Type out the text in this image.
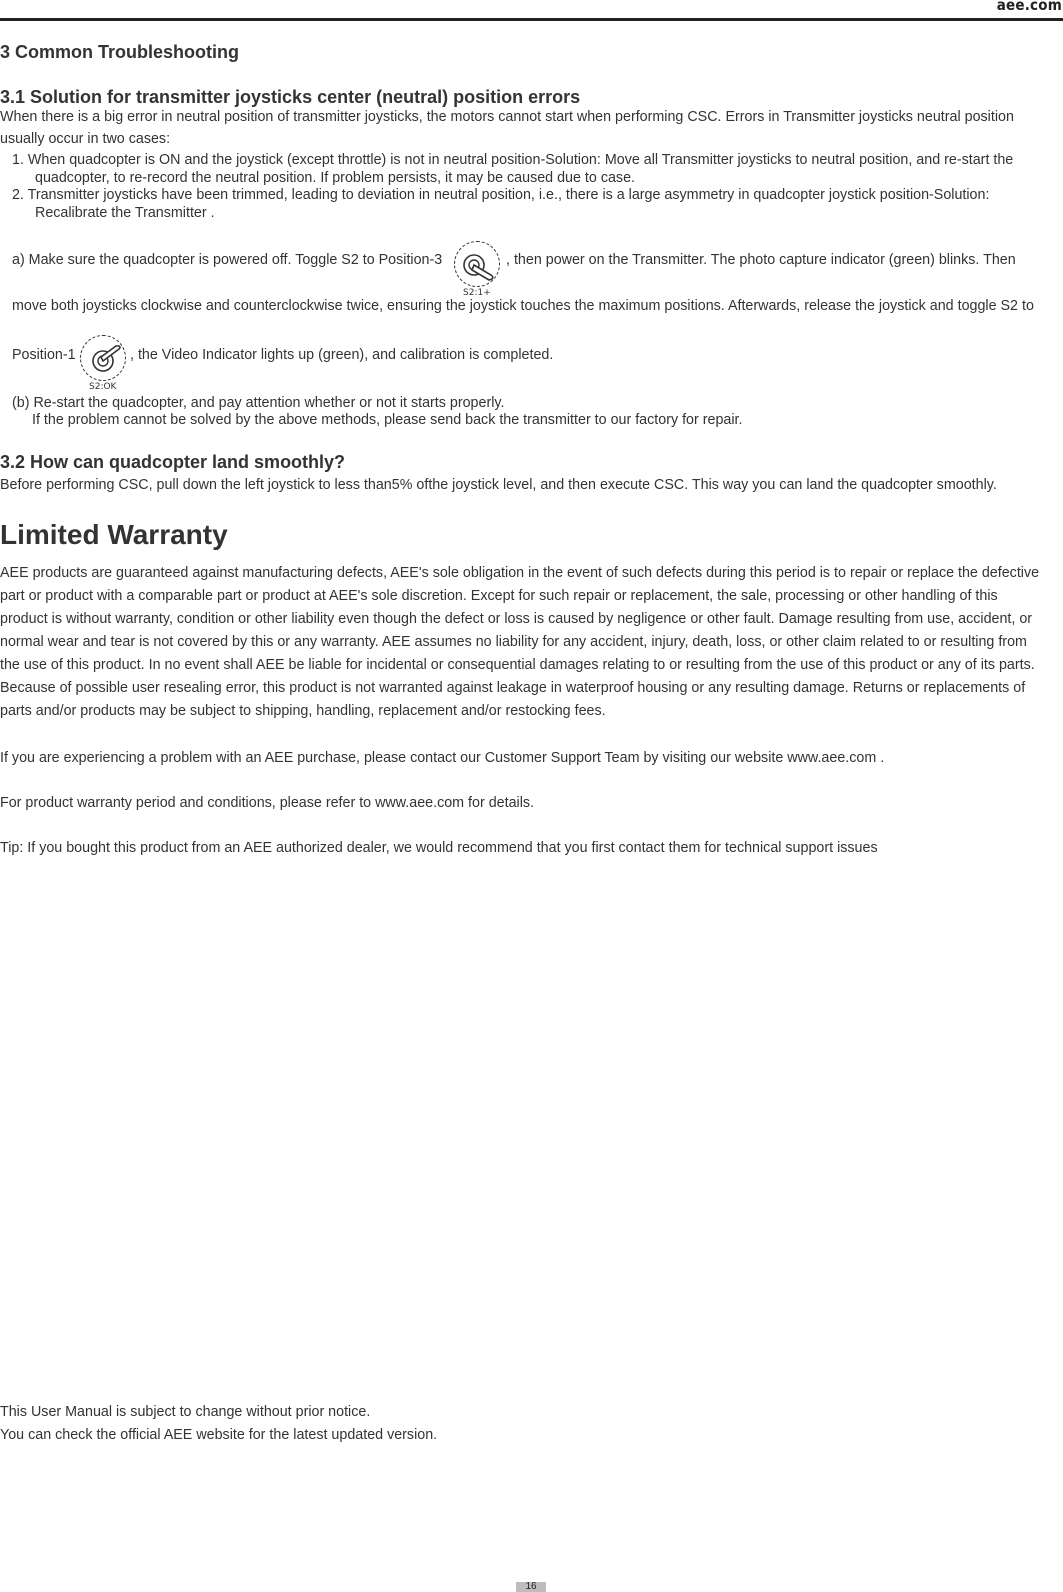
aee.com
3 Common Troubleshooting
3.1 Solution for transmitter joysticks center (neutral) position errors
When there is a big error in neutral position of transmitter joysticks, the motors cannot start when performing CSC. Errors in Transmitter joysticks neutral position
usually occur in two cases:
1. When quadcopter is ON and the joystick (except throttle) is not in neutral position-Solution: Move all Transmitter joysticks to neutral position, and re-start the
quadcopter, to re-record the neutral position. If problem persists, it may be caused due to case.
2. Transmitter joysticks have been trimmed, leading to deviation in neutral position, i.e., there is a large asymmetry in quadcopter joystick position-Solution:
Recalibrate the Transmitter .
a) Make sure the quadcopter is powered off. Toggle S2 to Position-3
S2:1+
, then power on the Transmitter. The photo capture indicator (green) blinks. Then
move both joysticks clockwise and counterclockwise twice, ensuring the joystick touches the maximum positions. Afterwards, release the joystick and toggle S2 to
Position-1
S2:OK
, the Video Indicator lights up (green), and calibration is completed.
(b) Re-start the quadcopter, and pay attention whether or not it starts properly.
If the problem cannot be solved by the above methods, please send back the transmitter to our factory for repair.
3.2 How can quadcopter land smoothly?
Before performing CSC, pull down the left joystick to less than5% ofthe joystick level, and then execute CSC. This way you can land the quadcopter smoothly.
Limited Warranty
AEE products are guaranteed against manufacturing defects, AEE's sole obligation in the event of such defects during this period is to repair or replace the defective
part or product with a comparable part or product at AEE's sole discretion. Except for such repair or replacement, the sale, processing or other handling of this
product is without warranty, condition or other liability even though the defect or loss is caused by negligence or other fault. Damage resulting from use, accident, or
normal wear and tear is not covered by this or any warranty. AEE assumes no liability for any accident, injury, death, loss, or other claim related to or resulting from
the use of this product. In no event shall AEE be liable for incidental or consequential damages relating to or resulting from the use of this product or any of its parts.
Because of possible user resealing error, this product is not warranted against leakage in waterproof housing or any resulting damage. Returns or replacements of
parts and/or products may be subject to shipping, handling, replacement and/or restocking fees.
If you are experiencing a problem with an AEE purchase, please contact our Customer Support Team by visiting our website www.aee.com .
For product warranty period and conditions, please refer to www.aee.com for details.
Tip: If you bought this product from an AEE authorized dealer, we would recommend that you first contact them for technical support issues
This User Manual is subject to change without prior notice.
You can check the official AEE website for the latest updated version.
16
